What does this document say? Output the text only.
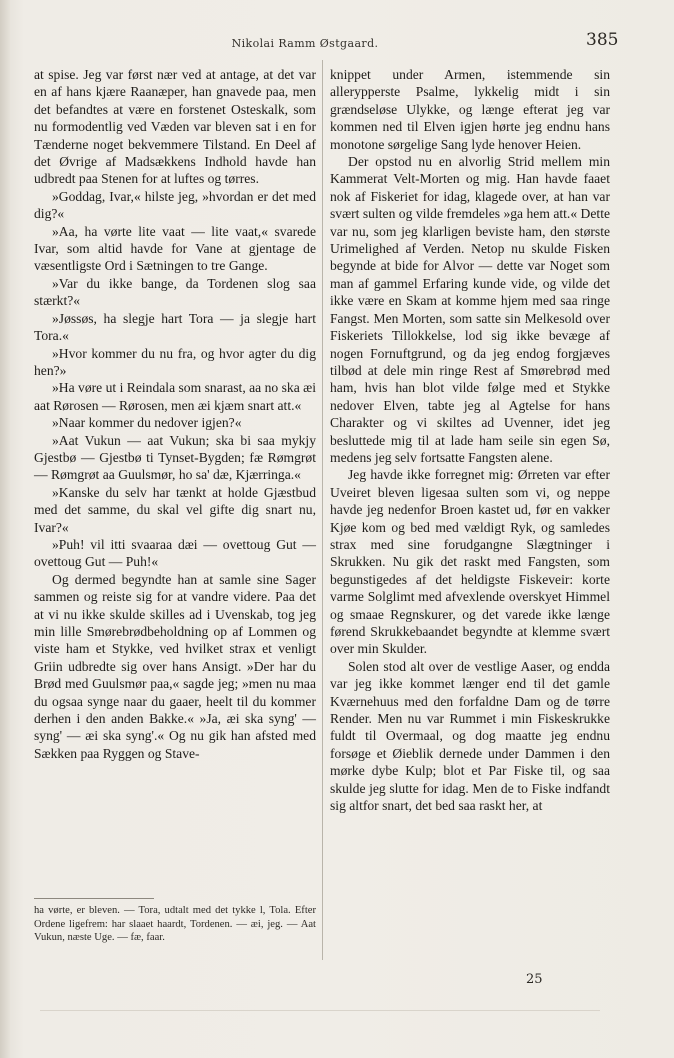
Nikolai Ramm Østgaard.	385

at spise. Jeg var først nær ved at antage, at det var en af hans kjære Raanæper, han gnavede paa, men det befandtes at være en forstenet Osteskalk, som nu formodentlig ved Væden var bleven sat i en for Tænderne noget bekvemmere Tilstand. En Deel af det Øvrige af Madsækkens Indhold havde han udbredt paa Stenen for at luftes og tørres.

»Goddag, Ivar,« hilste jeg, »hvordan er det med dig?«

»Aa, ha vørte lite vaat — lite vaat,« svarede Ivar, som altid havde for Vane at gjentage de væsentligste Ord i Sætningen to tre Gange.

»Var du ikke bange, da Tordenen slog saa stærkt?«

»Jøssøs, ha slegje hart Tora — ja slegje hart Tora.«

»Hvor kommer du nu fra, og hvor agter du dig hen?»

»Ha vøre ut i Reindala som snarast, aa no ska æi aat Rørosen — Rørosen, men æi kjæm snart att.«

»Naar kommer du nedover igjen?«

»Aat Vukun — aat Vukun; ska bi saa mykjy Gjestbø — Gjestbø ti Tynset-Bygden; fæ Rømgrøt — Rømgrøt aa Guulsmør, ho sa' dæ, Kjærringa.«

»Kanske du selv har tænkt at holde Gjæstbud med det samme, du skal vel gifte dig snart nu, Ivar?«

»Puh! vil itti svaaraa dæi — ovettoug Gut — ovettoug Gut — Puh!«

Og dermed begyndte han at samle sine Sager sammen og reiste sig for at vandre videre. Paa det at vi nu ikke skulde skilles ad i Uvenskab, tog jeg min lille Smørebrødbeholdning op af Lommen og viste ham et Stykke, ved hvilket strax et venligt Griin udbredte sig over hans Ansigt. »Der har du Brød med Guulsmør paa,« sagde jeg; »men nu maa du ogsaa synge naar du gaaer, heelt til du kommer derhen i den anden Bakke.« »Ja, æi ska syng' — syng' — æi ska syng'.« Og nu gik han afsted med Sækken paa Ryggen og Stave-

knippet under Armen, istemmende sin allerypperste Psalme, lykkelig midt i sin grændseløse Ulykke, og længe efterat jeg var kommen ned til Elven igjen hørte jeg endnu hans monotone sørgelige Sang lyde henover Heien.

Der opstod nu en alvorlig Strid mellem min Kammerat Velt-Morten og mig. Han havde faaet nok af Fiskeriet for idag, klagede over, at han var svært sulten og vilde fremdeles »ga hem att.« Dette var nu, som jeg klarligen beviste ham, den største Urimelighed af Verden. Netop nu skulde Fisken begynde at bide for Alvor — dette var Noget som man af gammel Erfaring kunde vide, og vilde det ikke være en Skam at komme hjem med saa ringe Fangst. Men Morten, som satte sin Melkesold over Fiskeriets Tillokkelse, lod sig ikke bevæge af nogen Fornuftgrund, og da jeg endog forgjæves tilbød at dele min ringe Rest af Smørebrød med ham, hvis han blot vilde følge med et Stykke nedover Elven, tabte jeg al Agtelse for hans Charakter og vi skiltes ad Uvenner, idet jeg besluttede mig til at lade ham seile sin egen Sø, medens jeg selv fortsatte Fangsten alene.

Jeg havde ikke forregnet mig: Ørreten var efter Uveiret bleven ligesaa sulten som vi, og neppe havde jeg nedenfor Broen kastet ud, før en vakker Kjøe kom og bed med vældigt Ryk, og samledes strax med sine forudgangne Slægtninger i Skrukken. Nu gik det raskt med Fangsten, som begunstigedes af det heldigste Fiskeveir: korte varme Solglimt med afvexlende overskyet Himmel og smaae Regnskurer, og det varede ikke længe førend Skrukkebaandet begyndte at klemme svært over min Skulder.

Solen stod alt over de vestlige Aaser, og endda var jeg ikke kommet længer end til det gamle Kværnehuus med den forfaldne Dam og de tørre Render. Men nu var Rummet i min Fiskeskrukke fuldt til Overmaal, og dog maatte jeg endnu forsøge et Øieblik dernede under Dammen i den mørke dybe Kulp; blot et Par Fiske til, og saa skulde jeg slutte for idag. Men de to Fiske indfandt sig altfor snart, det bed saa raskt her, at

ha vørte, er bleven. — Tora, udtalt med det tykke l, Tola. Efter Ordene ligefrem: har slaaet haardt, Tordenen. — æi, jeg. — Aat Vukun, næste Uge. — fæ, faar.
25
